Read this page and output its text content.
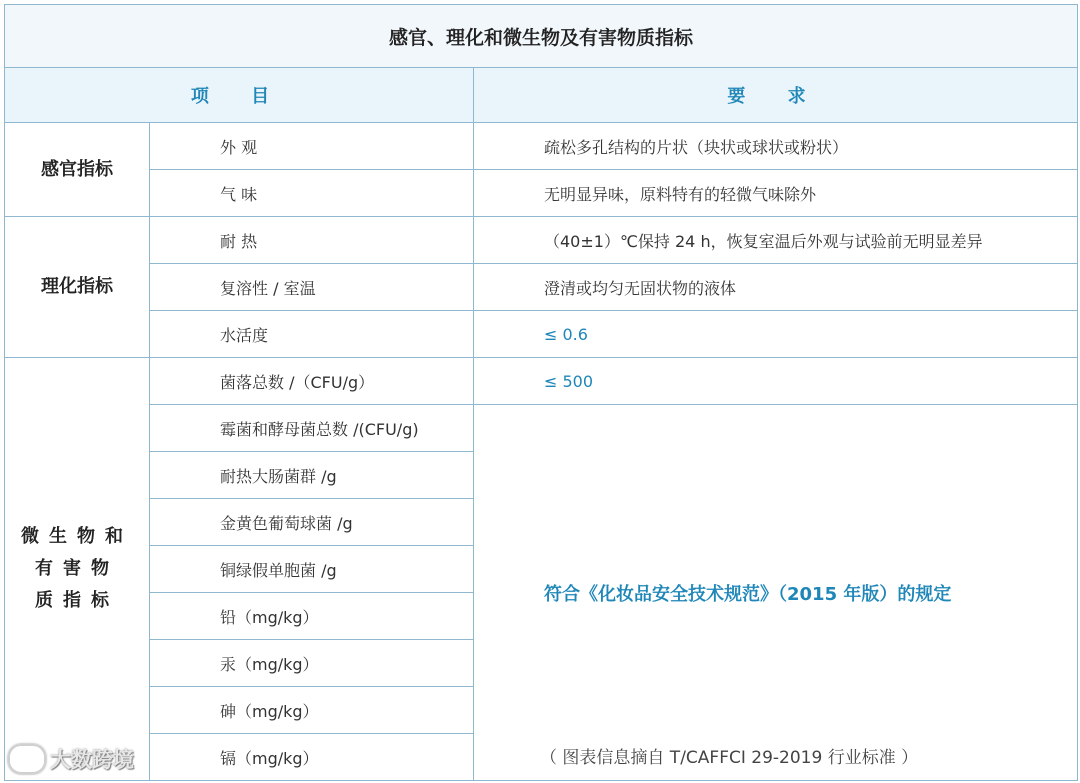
感官、理化和微生物及有害物质指标		
项 目		要 求
感官指标	外 观	疏松多孔结构的片状（块状或球状或粉状）
	气 味	无明显异味，原料特有的轻微气味除外
理化指标	耐 热	（40±1）℃保持 24 h，恢复室温后外观与试验前无明显差异
	复溶性 / 室温	澄清或均匀无固状物的液体
	水活度	≤ 0.6

微生物和
有害物
质指标	菌落总数 /（CFU/g）	≤ 500
	霉菌和酵母菌总数 /(CFU/g)	符合《化妆品安全技术规范》（2015 年版）的规定
	耐热大肠菌群 /g	
	金黄色葡萄球菌 /g	
	铜绿假单胞菌 /g	
	铅（mg/kg）	
	汞（mg/kg）	
	砷（mg/kg）	
	镉（mg/kg）		（ 图表信息摘自 T/CAFFCI 29-2019 行业标准 ）
大数跨境
